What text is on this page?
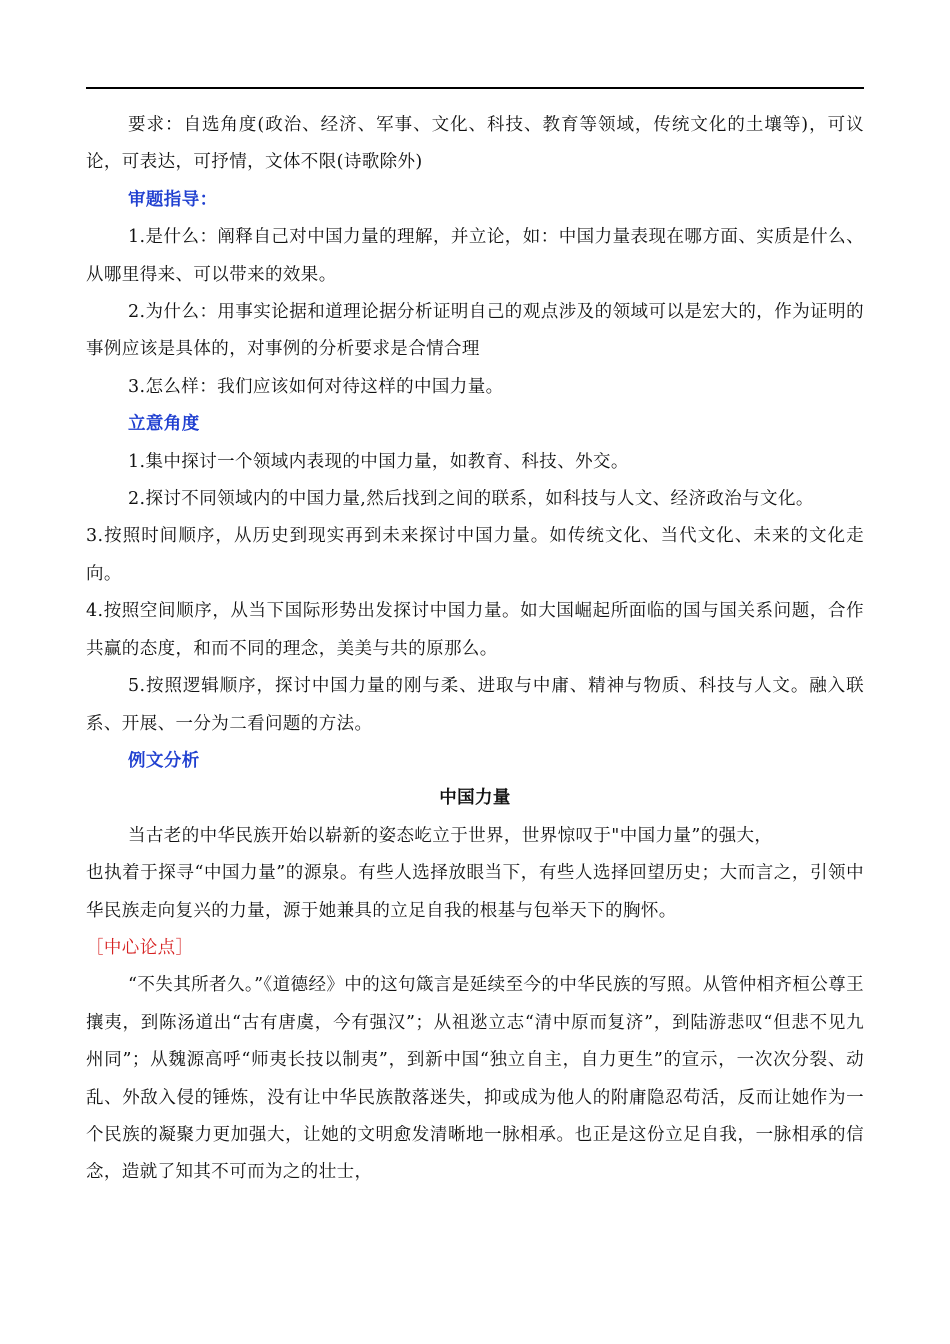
要求：自选角度(政治、经济、军事、文化、科技、教育等领域，传统文化的土壤等)，可议论，可表达，可抒情，文体不限(诗歌除外)

审题指导：

1.是什么：阐释自己对中国力量的理解，并立论，如：中国力量表现在哪方面、实质是什么、从哪里得来、可以带来的效果。

2.为什么：用事实论据和道理论据分析证明自己的观点涉及的领域可以是宏大的，作为证明的事例应该是具体的，对事例的分析要求是合情合理

3.怎么样：我们应该如何对待这样的中国力量。

立意角度

1.集中探讨一个领域内表现的中国力量，如教育、科技、外交。

2.探讨不同领域内的中国力量,然后找到之间的联系，如科技与人文、经济政治与文化。

3.按照时间顺序，从历史到现实再到未来探讨中国力量。如传统文化、当代文化、未来的文化走向。

4.按照空间顺序，从当下国际形势出发探讨中国力量。如大国崛起所面临的国与国关系问题，合作共赢的态度，和而不同的理念，美美与共的原那么。

5.按照逻辑顺序，探讨中国力量的刚与柔、进取与中庸、精神与物质、科技与人文。融入联系、开展、一分为二看问题的方法。

例文分析

中国力量

当古老的中华民族开始以崭新的姿态屹立于世界，世界惊叹于"中国力量”的强大，

也执着于探寻“中国力量”的源泉。有些人选择放眼当下，有些人选择回望历史；大而言之，引领中华民族走向复兴的力量，源于她兼具的立足自我的根基与包举天下的胸怀。

［中心论点］

“不失其所者久。”《道德经》中的这句箴言是延续至今的中华民族的写照。从管仲相齐桓公尊王攘夷，到陈汤道出“古有唐虞，今有强汉”；从祖逖立志“清中原而复济”，到陆游悲叹“但悲不见九州同”；从魏源高呼“师夷长技以制夷”，到新中国“独立自主，自力更生”的宣示，一次次分裂、动乱、外敌入侵的锤炼，没有让中华民族散落迷失，抑或成为他人的附庸隐忍苟活，反而让她作为一个民族的凝聚力更加强大，让她的文明愈发清晰地一脉相承。也正是这份立足自我，一脉相承的信念，造就了知其不可而为之的壮士，
